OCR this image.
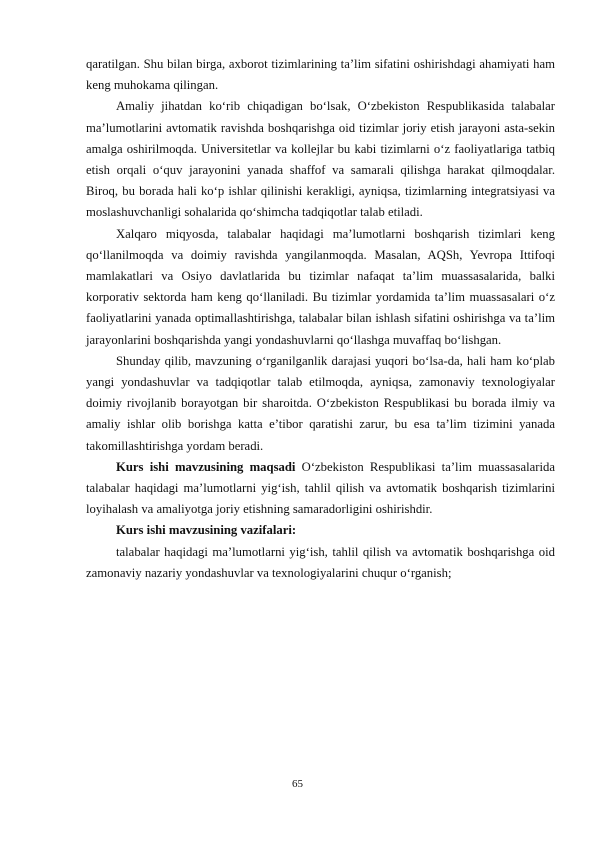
qaratilgan. Shu bilan birga, axborot tizimlarining ta’lim sifatini oshirishdagi ahamiyati ham keng muhokama qilingan.

Amaliy jihatdan ko‘rib chiqadigan bo‘lsak, O‘zbekiston Respublikasida talabalar ma’lumotlarini avtomatik ravishda boshqarishga oid tizimlar joriy etish jarayoni asta-sekin amalga oshirilmoqda. Universitetlar va kollejlar bu kabi tizimlarni o‘z faoliyatlariga tatbiq etish orqali o‘quv jarayonini yanada shaffof va samarali qilishga harakat qilmoqdalar. Biroq, bu borada hali ko‘p ishlar qilinishi kerakligi, ayniqsa, tizimlarning integratsiyasi va moslashuvchanligi sohalarida qo‘shimcha tadqiqotlar talab etiladi.

Xalqaro miqyosda, talabalar haqidagi ma’lumotlarni boshqarish tizimlari keng qo‘llanilmoqda va doimiy ravishda yangilanmoqda. Masalan, AQSh, Yevropa Ittifoqi mamlakatlari va Osiyo davlatlarida bu tizimlar nafaqat ta’lim muassasalarida, balki korporativ sektorda ham keng qo‘llaniladi. Bu tizimlar yordamida ta’lim muassasalari o‘z faoliyatlarini yanada optimallashtirishga, talabalar bilan ishlash sifatini oshirishga va ta’lim jarayonlarini boshqarishda yangi yondashuvlarni qo‘llashga muvaffaq bo‘lishgan.

Shunday qilib, mavzuning o‘rganilganlik darajasi yuqori bo‘lsa-da, hali ham ko‘plab yangi yondashuvlar va tadqiqotlar talab etilmoqda, ayniqsa, zamonaviy texnologiyalar doimiy rivojlanib borayotgan bir sharoitda. O‘zbekiston Respublikasi bu borada ilmiy va amaliy ishlar olib borishga katta e’tibor qaratishi zarur, bu esa ta’lim tizimini yanada takomillashtirishga yordam beradi.

Kurs ishi mavzusining maqsadi O‘zbekiston Respublikasi ta’lim muassasalarida talabalar haqidagi ma’lumotlarni yig‘ish, tahlil qilish va avtomatik boshqarish tizimlarini loyihalash va amaliyotga joriy etishning samaradorligini oshirishdir.

Kurs ishi mavzusining vazifalari:

talabalar haqidagi ma’lumotlarni yig‘ish, tahlil qilish va avtomatik boshqarishga oid zamonaviy nazariy yondashuvlar va texnologiyalarini chuqur o‘rganish;

65
